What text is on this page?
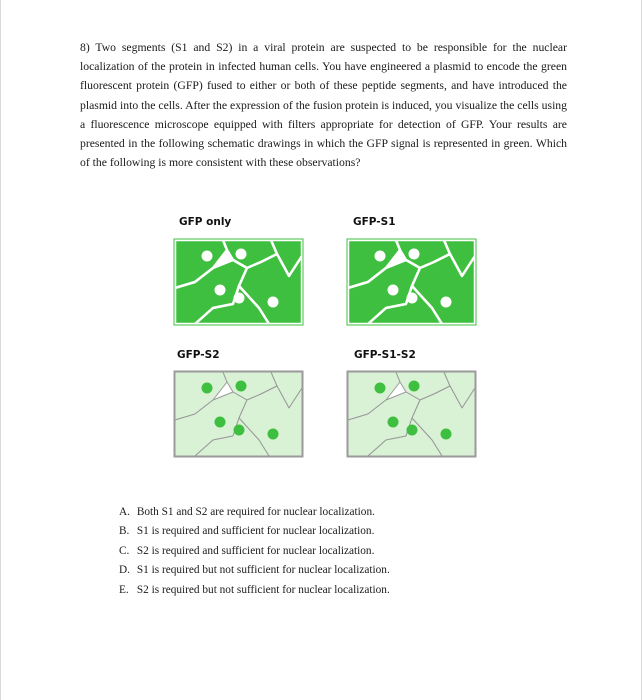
8) Two segments (S1 and S2) in a viral protein are suspected to be responsible for the nuclear localization of the protein in infected human cells. You have engineered a plasmid to encode the green fluorescent protein (GFP) fused to either or both of these peptide segments, and have introduced the plasmid into the cells. After the expression of the fusion protein is induced, you visualize the cells using a fluorescence microscope equipped with filters appropriate for detection of GFP. Your results are presented in the following schematic drawings in which the GFP signal is represented in green. Which of the following is more consistent with these observations?

GFP only	GFP-S1
GFP-S2	GFP-S1-S2
A. Both S1 and S2 are required for nuclear localization.
B. S1 is required and sufficient for nuclear localization.
C. S2 is required and sufficient for nuclear localization.
D. S1 is required but not sufficient for nuclear localization.
E. S2 is required but not sufficient for nuclear localization.
